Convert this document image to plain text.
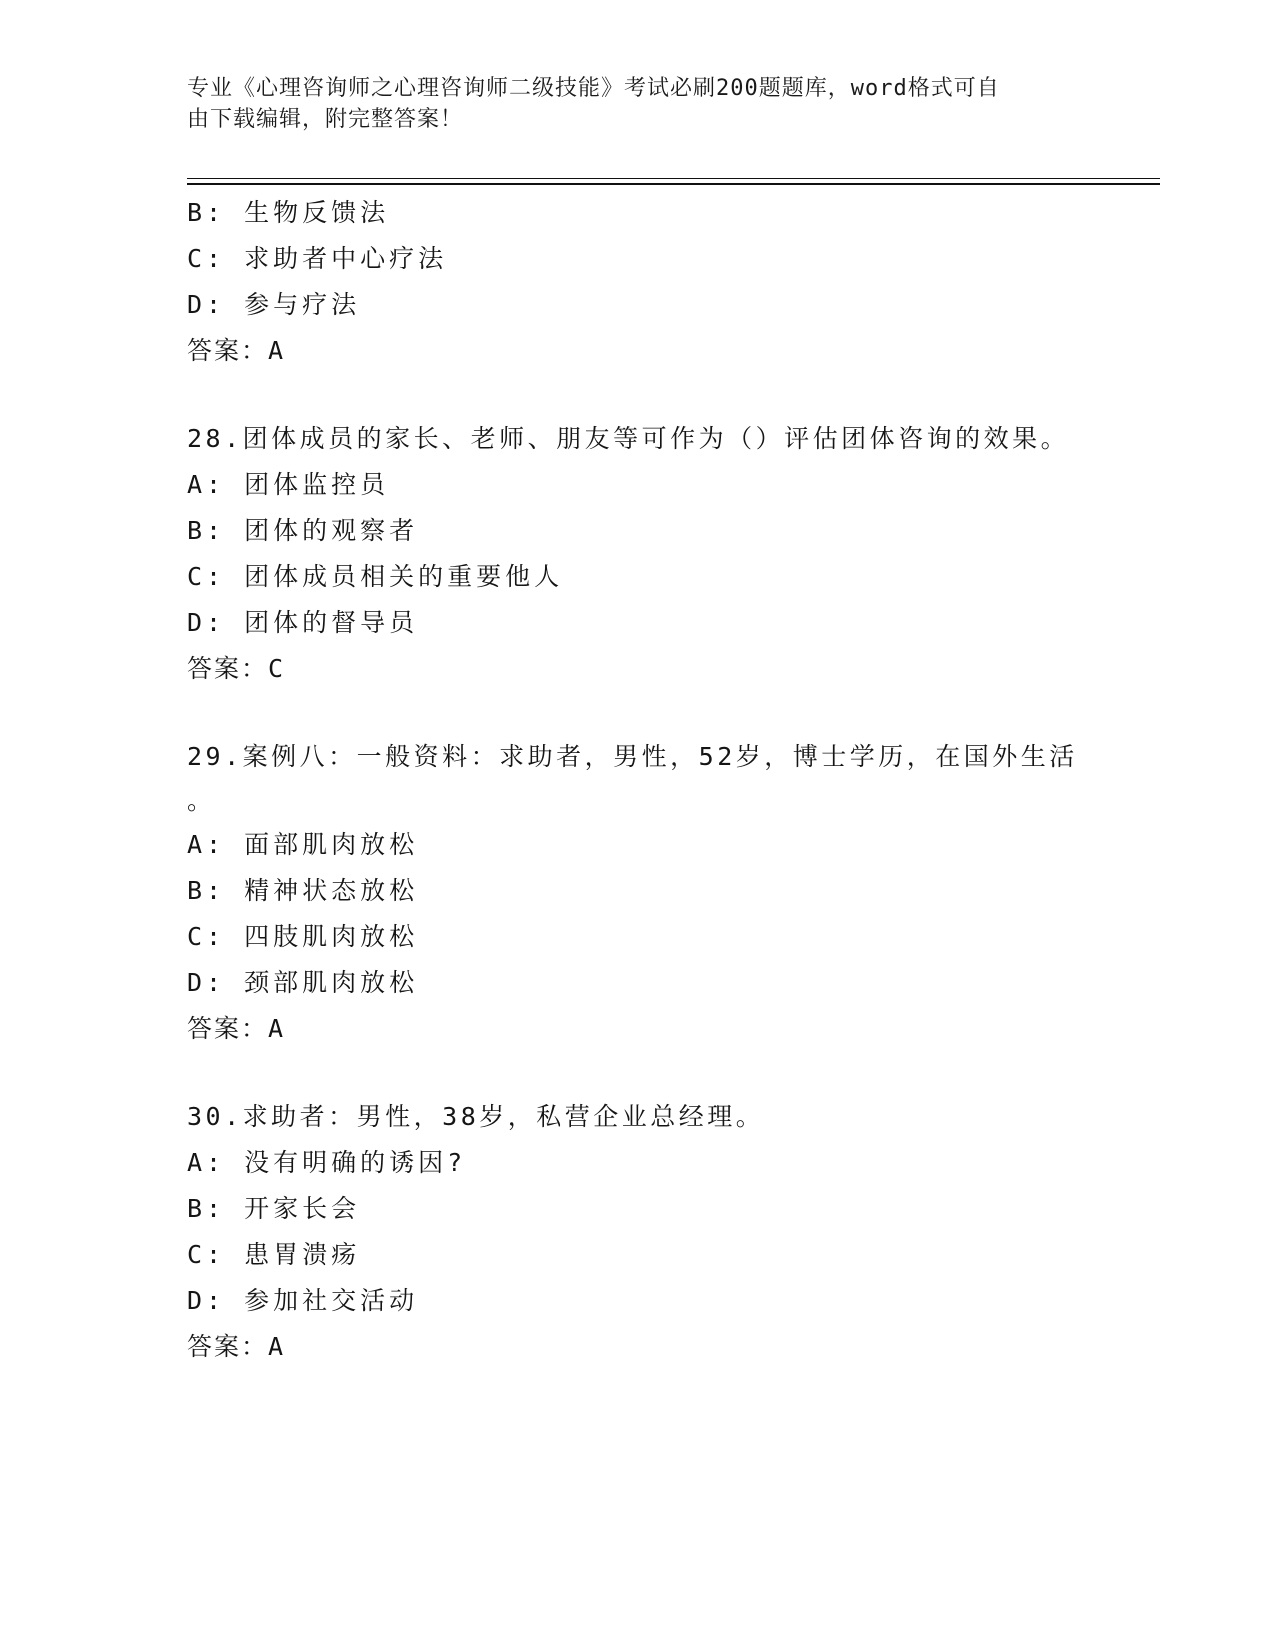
专业《心理咨询师之心理咨询师二级技能》考试必刷200题题库，word格式可自
由下载编辑，附完整答案！
B: 生物反馈法
C: 求助者中心疗法
D: 参与疗法
答案：A
28.团体成员的家长、老师、朋友等可作为（）评估团体咨询的效果。
A: 团体监控员
B: 团体的观察者
C: 团体成员相关的重要他人
D: 团体的督导员
答案：C
29.案例八：一般资料：求助者，男性，52岁，博士学历，在国外生活
。
A: 面部肌肉放松
B: 精神状态放松
C: 四肢肌肉放松
D: 颈部肌肉放松
答案：A
30.求助者：男性，38岁，私营企业总经理。
A: 没有明确的诱因?
B: 开家长会
C: 患胃溃疡
D: 参加社交活动
答案：A
